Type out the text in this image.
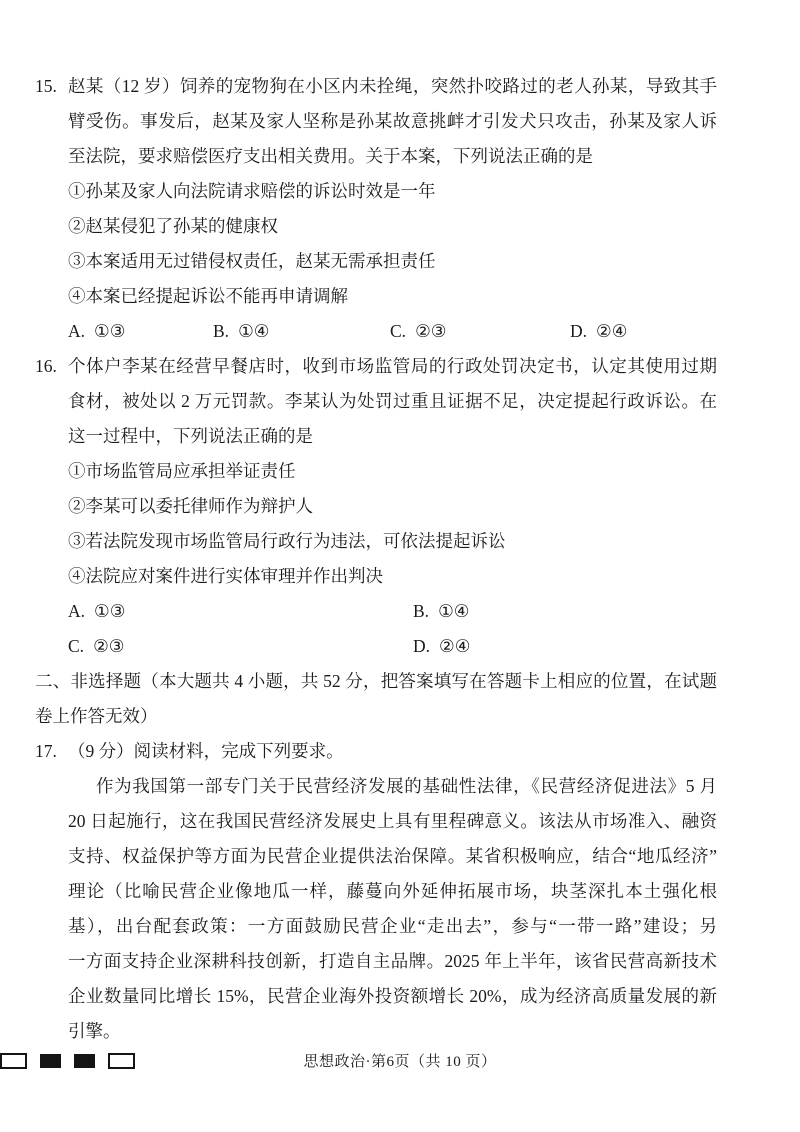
15. 赵某（12 岁）饲养的宠物狗在小区内未拴绳，突然扑咬路过的老人孙某，导致其手
臂受伤。事发后，赵某及家人坚称是孙某故意挑衅才引发犬只攻击，孙某及家人诉
至法院，要求赔偿医疗支出相关费用。关于本案，下列说法正确的是
①孙某及家人向法院请求赔偿的诉讼时效是一年
②赵某侵犯了孙某的健康权
③本案适用无过错侵权责任，赵某无需承担责任
④本案已经提起诉讼不能再申请调解
A. ①③	B. ①④	C. ②③	D. ②④
16. 个体户李某在经营早餐店时，收到市场监管局的行政处罚决定书，认定其使用过期
食材，被处以 2 万元罚款。李某认为处罚过重且证据不足，决定提起行政诉讼。在
这一过程中，下列说法正确的是
①市场监管局应承担举证责任
②李某可以委托律师作为辩护人
③若法院发现市场监管局行政行为违法，可依法提起诉讼
④法院应对案件进行实体审理并作出判决
A. ①③	B. ①④
C. ②③	D. ②④
二、非选择题（本大题共 4 小题，共 52 分，把答案填写在答题卡上相应的位置，在试题
卷上作答无效）
17. （9 分）阅读材料，完成下列要求。
作为我国第一部专门关于民营经济发展的基础性法律，《民营经济促进法》5 月
20 日起施行，这在我国民营经济发展史上具有里程碑意义。该法从市场准入、融资
支持、权益保护等方面为民营企业提供法治保障。某省积极响应，结合“地瓜经济”
理论（比喻民营企业像地瓜一样，藤蔓向外延伸拓展市场，块茎深扎本土强化根
基），出台配套政策：一方面鼓励民营企业“走出去”，参与“一带一路”建设；另
一方面支持企业深耕科技创新，打造自主品牌。2025 年上半年，该省民营高新技术
企业数量同比增长 15%，民营企业海外投资额增长 20%，成为经济高质量发展的新
引擎。
思想政治·第6页（共 10 页）
